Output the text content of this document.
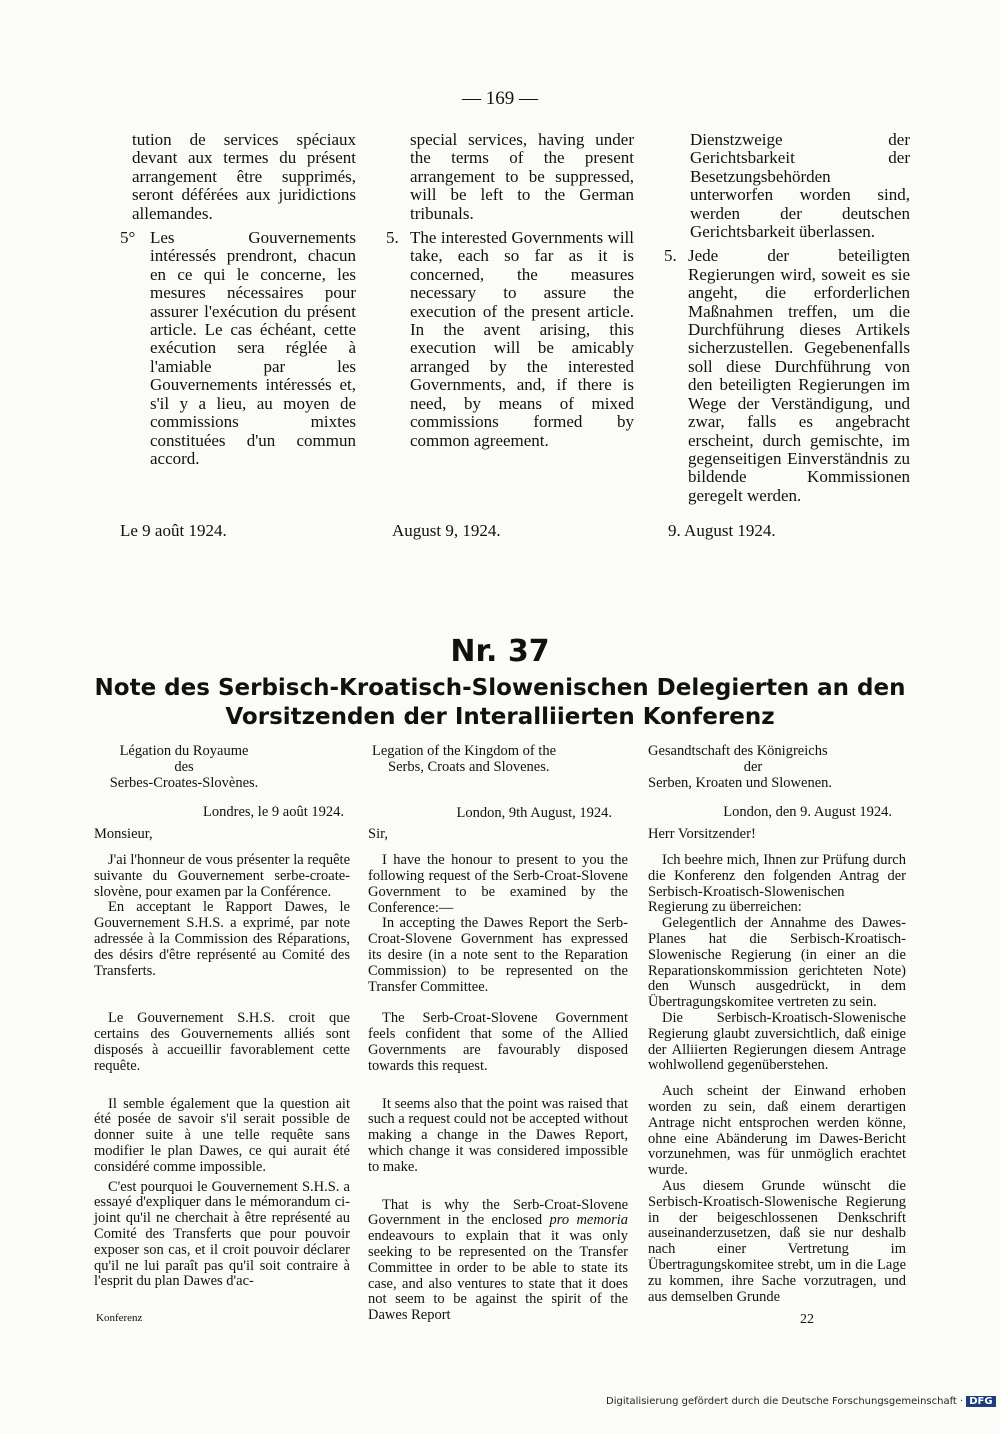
— 169 —

tution de services spéciaux devant aux termes du présent arrangement être supprimés, seront déférées aux juridictions allemandes.

5° Les Gouvernements intéressés prendront, chacun en ce qui le concerne, les mesures nécessaires pour assurer l'exécution du présent article. Le cas échéant, cette exécution sera réglée à l'amiable par les Gouvernements intéressés et, s'il y a lieu, au moyen de commissions mixtes constituées d'un commun accord.

special services, having under the terms of the present arrangement to be suppressed, will be left to the German tribunals.

5. The interested Governments will take, each so far as it is concerned, the measures necessary to assure the execution of the present article. In the avent arising, this execution will be amicably arranged by the interested Governments, and, if there is need, by means of mixed commissions formed by common agreement.

Dienstzweige der Gerichtsbarkeit der Besetzungsbehörden unterworfen worden sind, werden der deutschen Gerichtsbarkeit überlassen.

5. Jede der beteiligten Regierungen wird, soweit es sie angeht, die erforderlichen Maßnahmen treffen, um die Durchführung dieses Artikels sicherzustellen. Gegebenenfalls soll diese Durchführung von den beteiligten Regierungen im Wege der Verständigung, und zwar, falls es angebracht erscheint, durch gemischte, im gegenseitigen Einverständnis zu bildende Kommissionen geregelt werden.
Le 9 août 1924.	August 9, 1924.	9. August 1924.
Nr. 37
Note des Serbisch-Kroatisch-Slowenischen Delegierten an den Vorsitzenden der Interalliierten Konferenz
Légation du Royaume
des
Serbes-Croates-Slovènes.
Londres, le 9 août 1924.
Monsieur,

J'ai l'honneur de vous présenter la requête suivante du Gouvernement serbe-croate-slovène, pour examen par la Conférence.

En acceptant le Rapport Dawes, le Gouvernement S.H.S. a exprimé, par note adressée à la Commission des Réparations, des désirs d'être représenté au Comité des Transferts.

Le Gouvernement S.H.S. croit que certains des Gouvernements alliés sont disposés à accueillir favorablement cette requête.

Il semble également que la question ait été posée de savoir s'il serait possible de donner suite à une telle requête sans modifier le plan Dawes, ce qui aurait été considéré comme impossible.

C'est pourquoi le Gouvernement S.H.S. a essayé d'expliquer dans le mémorandum ci-joint qu'il ne cherchait à être représenté au Comité des Transferts que pour pouvoir exposer son cas, et il croit pouvoir déclarer qu'il ne lui paraît pas qu'il soit contraire à l'esprit du plan Dawes d'ac-

Legation of the Kingdom of the
Serbs, Croats and Slovenes.
London, 9th August, 1924.
Sir,

I have the honour to present to you the following request of the Serb-Croat-Slovene Government to be examined by the Conference:—

In accepting the Dawes Report the Serb-Croat-Slovene Government has expressed its desire (in a note sent to the Reparation Commission) to be represented on the Transfer Committee.

The Serb-Croat-Slovene Government feels confident that some of the Allied Governments are favourably disposed towards this request.

It seems also that the point was raised that such a request could not be accepted without making a change in the Dawes Report, which change it was considered impossible to make.

That is why the Serb-Croat-Slovene Government in the enclosed pro memoria endeavours to explain that it was only seeking to be represented on the Transfer Committee in order to be able to state its case, and also ventures to state that it does not seem to be against the spirit of the Dawes Report

Gesandtschaft des Königreichs
der
Serben, Kroaten und Slowenen.
London, den 9. August 1924.
Herr Vorsitzender!

Ich beehre mich, Ihnen zur Prüfung durch die Konferenz den folgenden Antrag der Serbisch-Kroatisch-Slowenischen Regierung zu überreichen:

Gelegentlich der Annahme des Dawes-Planes hat die Serbisch-Kroatisch-Slowenische Regierung (in einer an die Reparationskommission gerichteten Note) den Wunsch ausgedrückt, in dem Übertragungskomitee vertreten zu sein.

Die Serbisch-Kroatisch-Slowenische Regierung glaubt zuversichtlich, daß einige der Alliierten Regierungen diesem Antrage wohlwollend gegenüberstehen.

Auch scheint der Einwand erhoben worden zu sein, daß einem derartigen Antrage nicht entsprochen werden könne, ohne eine Abänderung im Dawes-Bericht vorzunehmen, was für unmöglich erachtet wurde.

Aus diesem Grunde wünscht die Serbisch-Kroatisch-Slowenische Regierung in der beigeschlossenen Denkschrift auseinanderzusetzen, daß sie nur deshalb nach einer Vertretung im Übertragungskomitee strebt, um in die Lage zu kommen, ihre Sache vorzutragen, und aus demselben Grunde

Konferenz	22
Digitalisierung gefördert durch die Deutsche Forschungsgemeinschaft · DFG
